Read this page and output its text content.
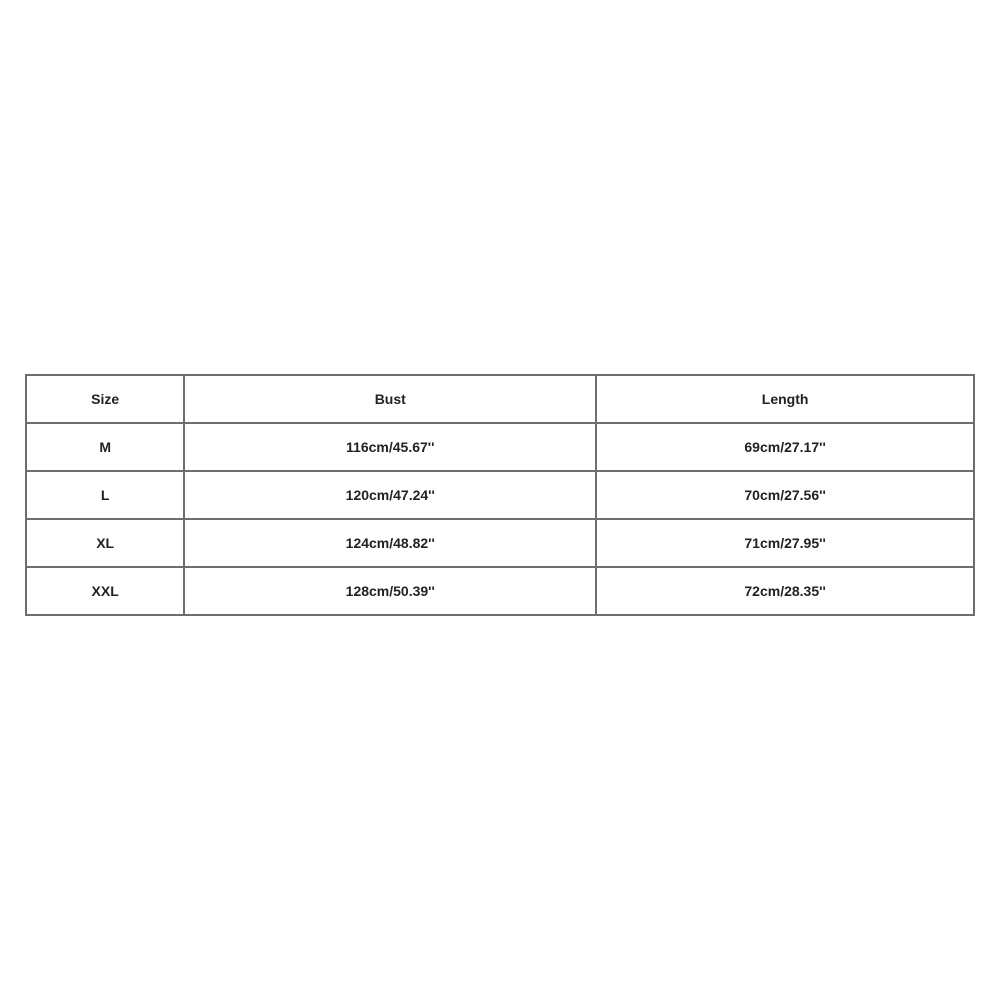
Size	Bust	Length
M	116cm/45.67''	69cm/27.17''
L	120cm/47.24''	70cm/27.56''
XL	124cm/48.82''	71cm/27.95''
XXL	128cm/50.39''	72cm/28.35''
